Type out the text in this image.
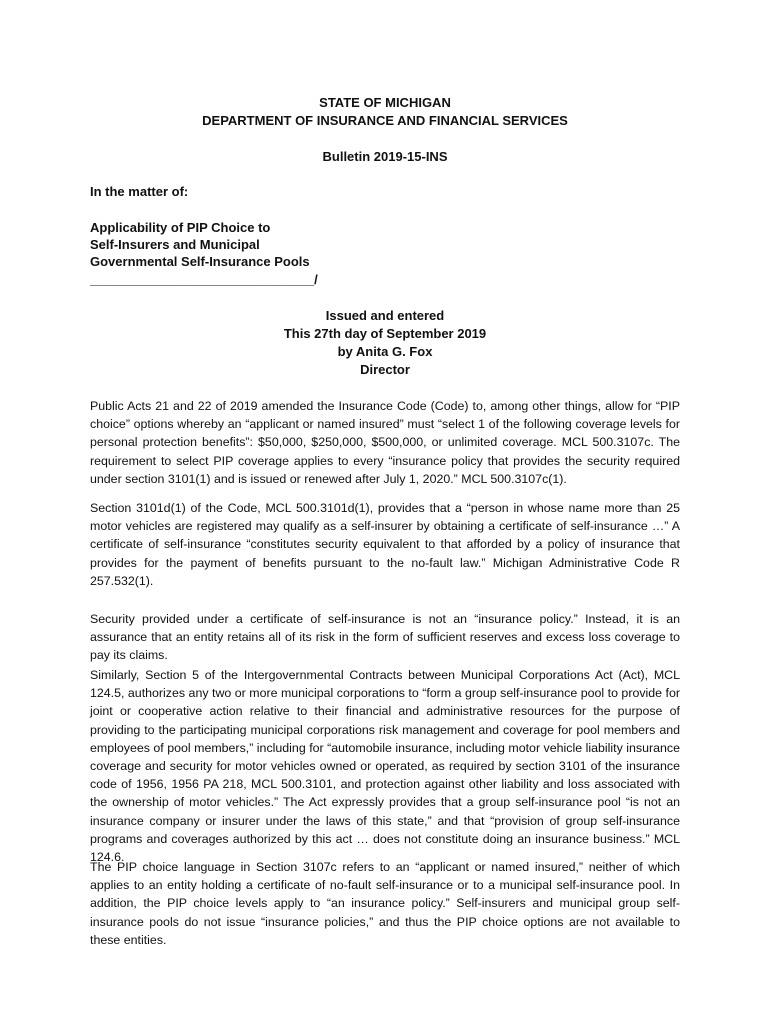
STATE OF MICHIGAN
DEPARTMENT OF INSURANCE AND FINANCIAL SERVICES
Bulletin 2019-15-INS
In the matter of:
Applicability of PIP Choice to
Self-Insurers and Municipal
Governmental Self-Insurance Pools
_______________________________/
Issued and entered
This 27th day of September 2019
by Anita G. Fox
Director

Public Acts 21 and 22 of 2019 amended the Insurance Code (Code) to, among other things, allow for “PIP choice” options whereby an “applicant or named insured” must “select 1 of the following coverage levels for personal protection benefits”: $50,000, $250,000, $500,000, or unlimited coverage. MCL 500.3107c. The requirement to select PIP coverage applies to every “insurance policy that provides the security required under section 3101(1) and is issued or renewed after July 1, 2020.” MCL 500.3107c(1).

Section 3101d(1) of the Code, MCL 500.3101d(1), provides that a “person in whose name more than 25 motor vehicles are registered may qualify as a self-insurer by obtaining a certificate of self-insurance …” A certificate of self-insurance “constitutes security equivalent to that afforded by a policy of insurance that provides for the payment of benefits pursuant to the no-fault law.” Michigan Administrative Code R 257.532(1).

Security provided under a certificate of self-insurance is not an “insurance policy.” Instead, it is an assurance that an entity retains all of its risk in the form of sufficient reserves and excess loss coverage to pay its claims.

Similarly, Section 5 of the Intergovernmental Contracts between Municipal Corporations Act (Act), MCL 124.5, authorizes any two or more municipal corporations to “form a group self-insurance pool to provide for joint or cooperative action relative to their financial and administrative resources for the purpose of providing to the participating municipal corporations risk management and coverage for pool members and employees of pool members,” including for “automobile insurance, including motor vehicle liability insurance coverage and security for motor vehicles owned or operated, as required by section 3101 of the insurance code of 1956, 1956 PA 218, MCL 500.3101, and protection against other liability and loss associated with the ownership of motor vehicles.” The Act expressly provides that a group self-insurance pool “is not an insurance company or insurer under the laws of this state,” and that “provision of group self-insurance programs and coverages authorized by this act … does not constitute doing an insurance business.” MCL 124.6.

The PIP choice language in Section 3107c refers to an “applicant or named insured,” neither of which applies to an entity holding a certificate of no-fault self-insurance or to a municipal self-insurance pool. In addition, the PIP choice levels apply to “an insurance policy.” Self-insurers and municipal group self-insurance pools do not issue “insurance policies,” and thus the PIP choice options are not available to these entities.
